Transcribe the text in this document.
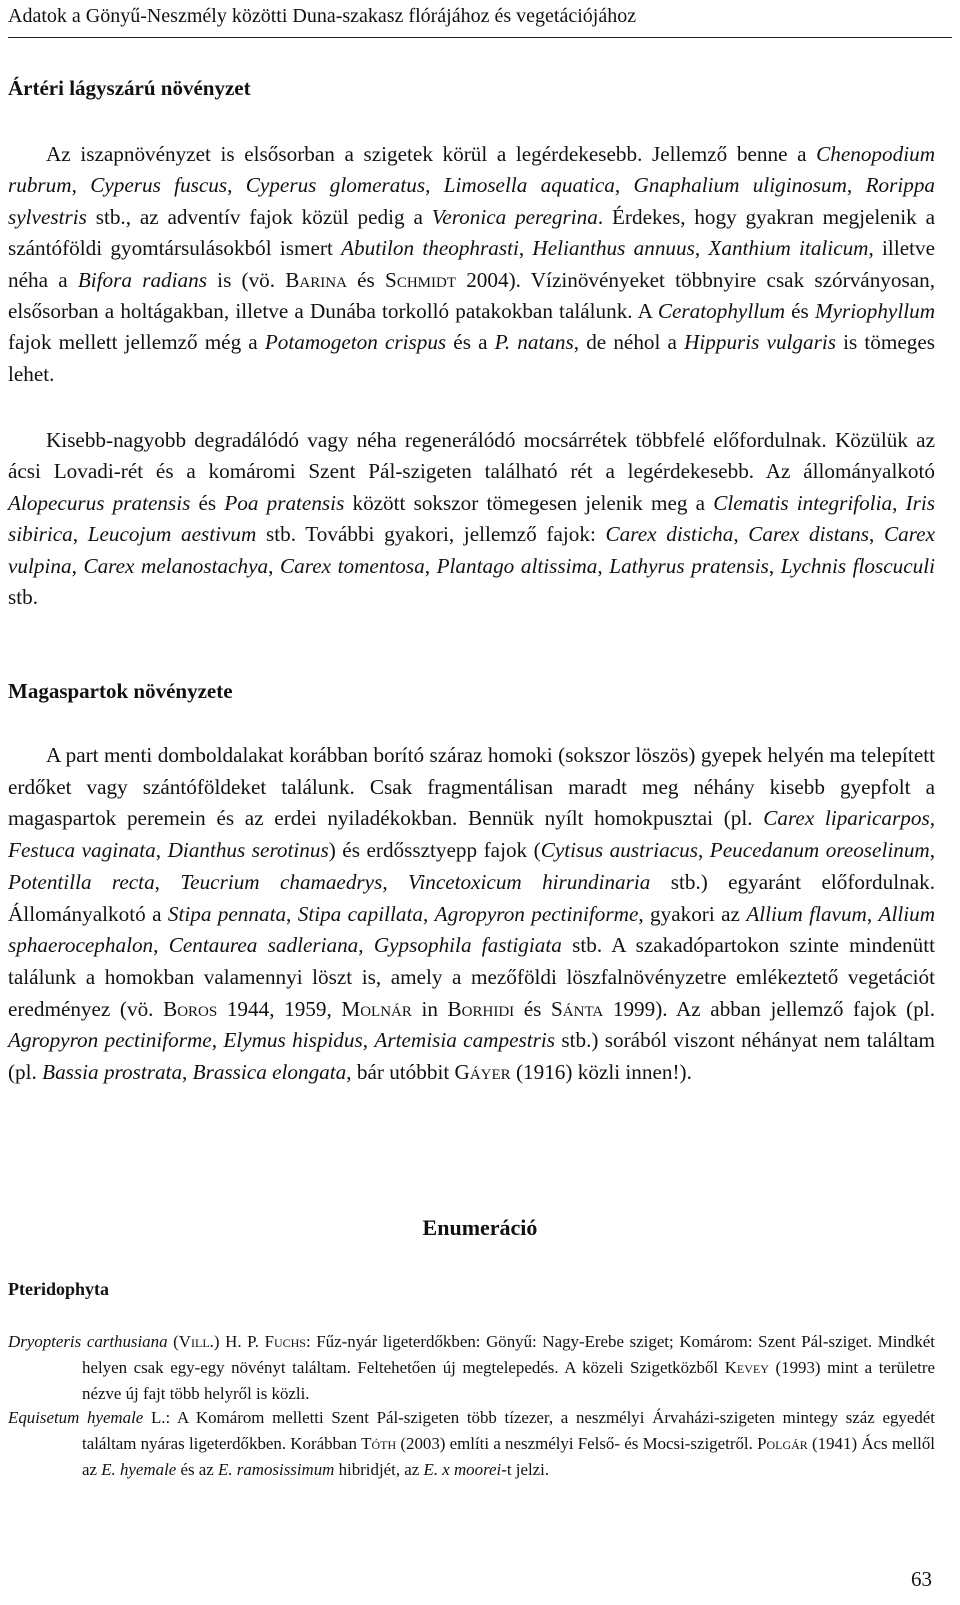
Adatok a Gönyű-Neszmély közötti Duna-szakasz flórájához és vegetációjához
Ártéri lágyszárú növényzet

Az iszapnövényzet is elsősorban a szigetek körül a legérdekesebb. Jellemző benne a Chenopodium rubrum, Cyperus fuscus, Cyperus glomeratus, Limosella aquatica, Gnaphalium uliginosum, Rorippa sylvestris stb., az adventív fajok közül pedig a Veronica peregrina. Érdekes, hogy gyakran megjelenik a szántóföldi gyomtársulásokból ismert Abutilon theophrasti, Helianthus annuus, Xanthium italicum, illetve néha a Bifora radians is (vö. Barina és Schmidt 2004). Vízinövényeket többnyire csak szórványosan, elsősorban a holtágakban, illetve a Dunába torkolló patakokban találunk. A Ceratophyllum és Myriophyllum fajok mellett jellemző még a Potamogeton crispus és a P. natans, de néhol a Hippuris vulgaris is tömeges lehet.

Kisebb-nagyobb degradálódó vagy néha regenerálódó mocsárrétek többfelé előfordulnak. Közülük az ácsi Lovadi-rét és a komáromi Szent Pál-szigeten található rét a legérdekesebb. Az állományalkotó Alopecurus pratensis és Poa pratensis között sokszor tömegesen jelenik meg a Clematis integrifolia, Iris sibirica, Leucojum aestivum stb. További gyakori, jellemző fajok: Carex disticha, Carex distans, Carex vulpina, Carex melanostachya, Carex tomentosa, Plantago altissima, Lathyrus pratensis, Lychnis floscuculi stb.

Magaspartok növényzete

A part menti domboldalakat korábban borító száraz homoki (sokszor löszös) gyepek helyén ma telepített erdőket vagy szántóföldeket találunk. Csak fragmentálisan maradt meg néhány kisebb gyepfolt a magaspartok peremein és az erdei nyiladékokban. Bennük nyílt homokpusztai (pl. Carex liparicarpos, Festuca vaginata, Dianthus serotinus) és erdőssztyepp fajok (Cytisus austriacus, Peucedanum oreoselinum, Potentilla recta, Teucrium chamaedrys, Vincetoxicum hirundinaria stb.) egyaránt előfordulnak. Állományalkotó a Stipa pennata, Stipa capillata, Agropyron pectiniforme, gyakori az Allium flavum, Allium sphaerocephalon, Centaurea sadleriana, Gypsophila fastigiata stb. A szakadópartokon szinte mindenütt találunk a homokban valamennyi löszt is, amely a mezőföldi löszfalnövényzetre emlékeztető vegetációt eredményez (vö. Boros 1944, 1959, Molnár in Borhidi és Sánta 1999). Az abban jellemző fajok (pl. Agropyron pectiniforme, Elymus hispidus, Artemisia campestris stb.) sorából viszont néhányat nem találtam (pl. Bassia prostrata, Brassica elongata, bár utóbbit Gáyer (1916) közli innen!).

Enumeráció
Pteridophyta

Dryopteris carthusiana (Vill.) H. P. Fuchs: Fűz-nyár ligeterdőkben: Gönyű: Nagy-Erebe sziget; Komárom: Szent Pál-sziget. Mindkét helyen csak egy-egy növényt találtam. Feltehetően új megtelepedés. A közeli Szigetközből Kevey (1993) mint a területre nézve új fajt több helyről is közli.

Equisetum hyemale L.: A Komárom melletti Szent Pál-szigeten több tízezer, a neszmélyi Árvaházi-szigeten mintegy száz egyedét találtam nyáras ligeterdőkben. Korábban Tóth (2003) említi a neszmélyi Felső- és Mocsi-szigetről. Polgár (1941) Ács mellől az E. hyemale és az E. ramosissimum hibridjét, az E. x moorei-t jelzi.

63
